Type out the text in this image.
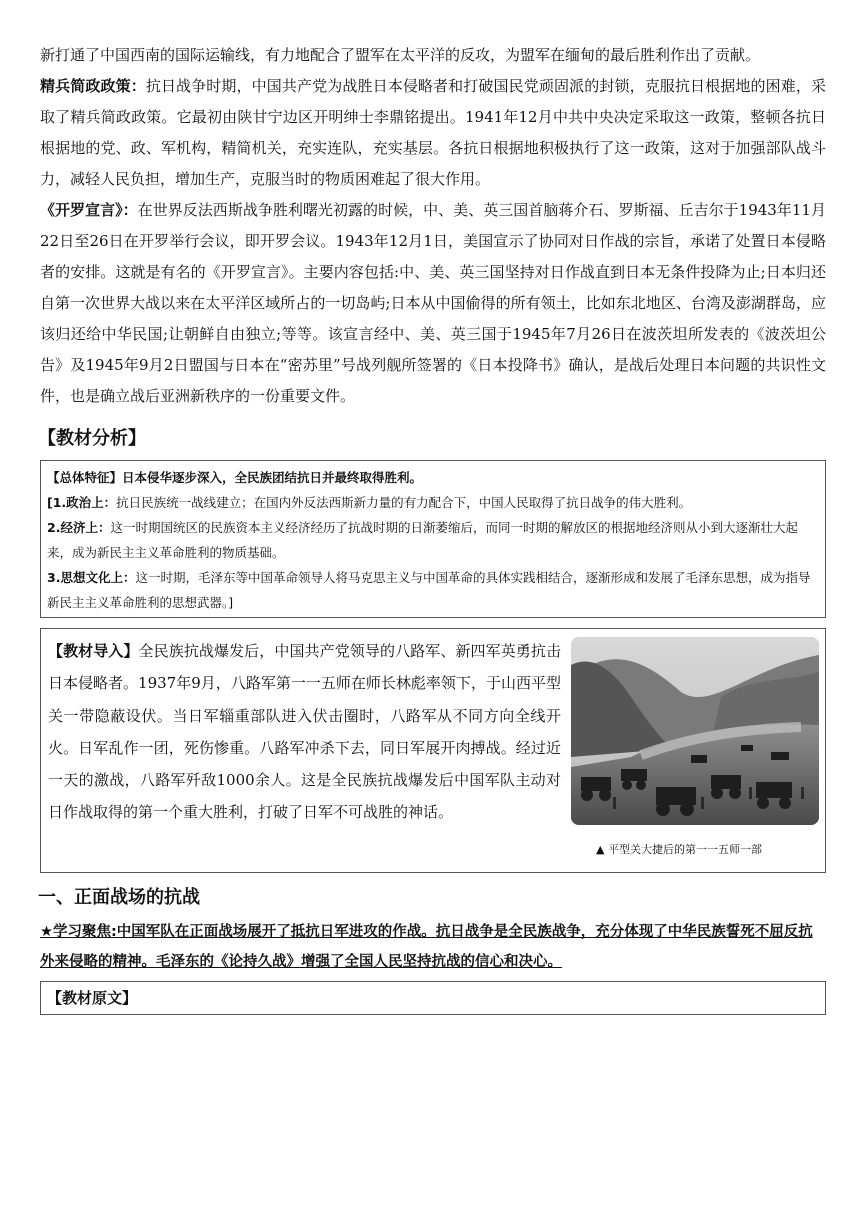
新打通了中国西南的国际运输线，有力地配合了盟军在太平洋的反攻，为盟军在缅甸的最后胜利作出了贡献。

精兵简政政策：抗日战争时期，中国共产党为战胜日本侵略者和打破国民党顽固派的封锁，克服抗日根据地的困难，采取了精兵简政政策。它最初由陕甘宁边区开明绅士李鼎铭提出。1941年12月中共中央决定采取这一政策，整顿各抗日根据地的党、政、军机构，精简机关，充实连队，充实基层。各抗日根据地积极执行了这一政策，这对于加强部队战斗力，减轻人民负担，增加生产，克服当时的物质困难起了很大作用。

《开罗宣言》：在世界反法西斯战争胜利曙光初露的时候，中、美、英三国首脑蒋介石、罗斯福、丘吉尔于1943年11月22日至26日在开罗举行会议，即开罗会议。1943年12月1日，美国宣示了协同对日作战的宗旨，承诺了处置日本侵略者的安排。这就是有名的《开罗宣言》。主要内容包括:中、美、英三国坚持对日作战直到日本无条件投降为止;日本归还自第一次世界大战以来在太平洋区域所占的一切岛屿;日本从中国偷得的所有领土，比如东北地区、台湾及澎湖群岛，应该归还给中华民国;让朝鲜自由独立;等等。该宣言经中、美、英三国于1945年7月26日在波茨坦所发表的《波茨坦公告》及1945年9月2日盟国与日本在“密苏里”号战列舰所签署的《日本投降书》确认，是战后处理日本问题的共识性文件，也是确立战后亚洲新秩序的一份重要文件。

【教材分析】

【总体特征】日本侵华逐步深入，全民族团结抗日并最终取得胜利。

[1.政治上：抗日民族统一战线建立；在国内外反法西斯新力量的有力配合下，中国人民取得了抗日战争的伟大胜利。

2.经济上：这一时期国统区的民族资本主义经济经历了抗战时期的日渐萎缩后，而同一时期的解放区的根据地经济则从小到大逐渐壮大起来，成为新民主主义革命胜利的物质基础。

3.思想文化上：这一时期，毛泽东等中国革命领导人将马克思主义与中国革命的具体实践相结合，逐渐形成和发展了毛泽东思想，成为指导新民主主义革命胜利的思想武器。]

【教材导入】全民族抗战爆发后，中国共产党领导的八路军、新四军英勇抗击日本侵略者。1937年9月，八路军第一一五师在师长林彪率领下，于山西平型关一带隐蔽设伏。当日军辎重部队进入伏击圈时，八路军从不同方向全线开火。日军乱作一团，死伤惨重。八路军冲杀下去，同日军展开肉搏战。经过近一天的激战，八路军歼敌1000余人。这是全民族抗战爆发后中国军队主动对日作战取得的第一个重大胜利，打破了日军不可战胜的神话。
▲ 平型关大捷后的第一一五师一部
一、正面战场的抗战

★学习聚焦:中国军队在正面战场展开了抵抗日军进攻的作战。抗日战争是全民族战争，充分体现了中华民族誓死不屈反抗外来侵略的精神。毛泽东的《论持久战》增强了全国人民坚持抗战的信心和决心。

【教材原文】
